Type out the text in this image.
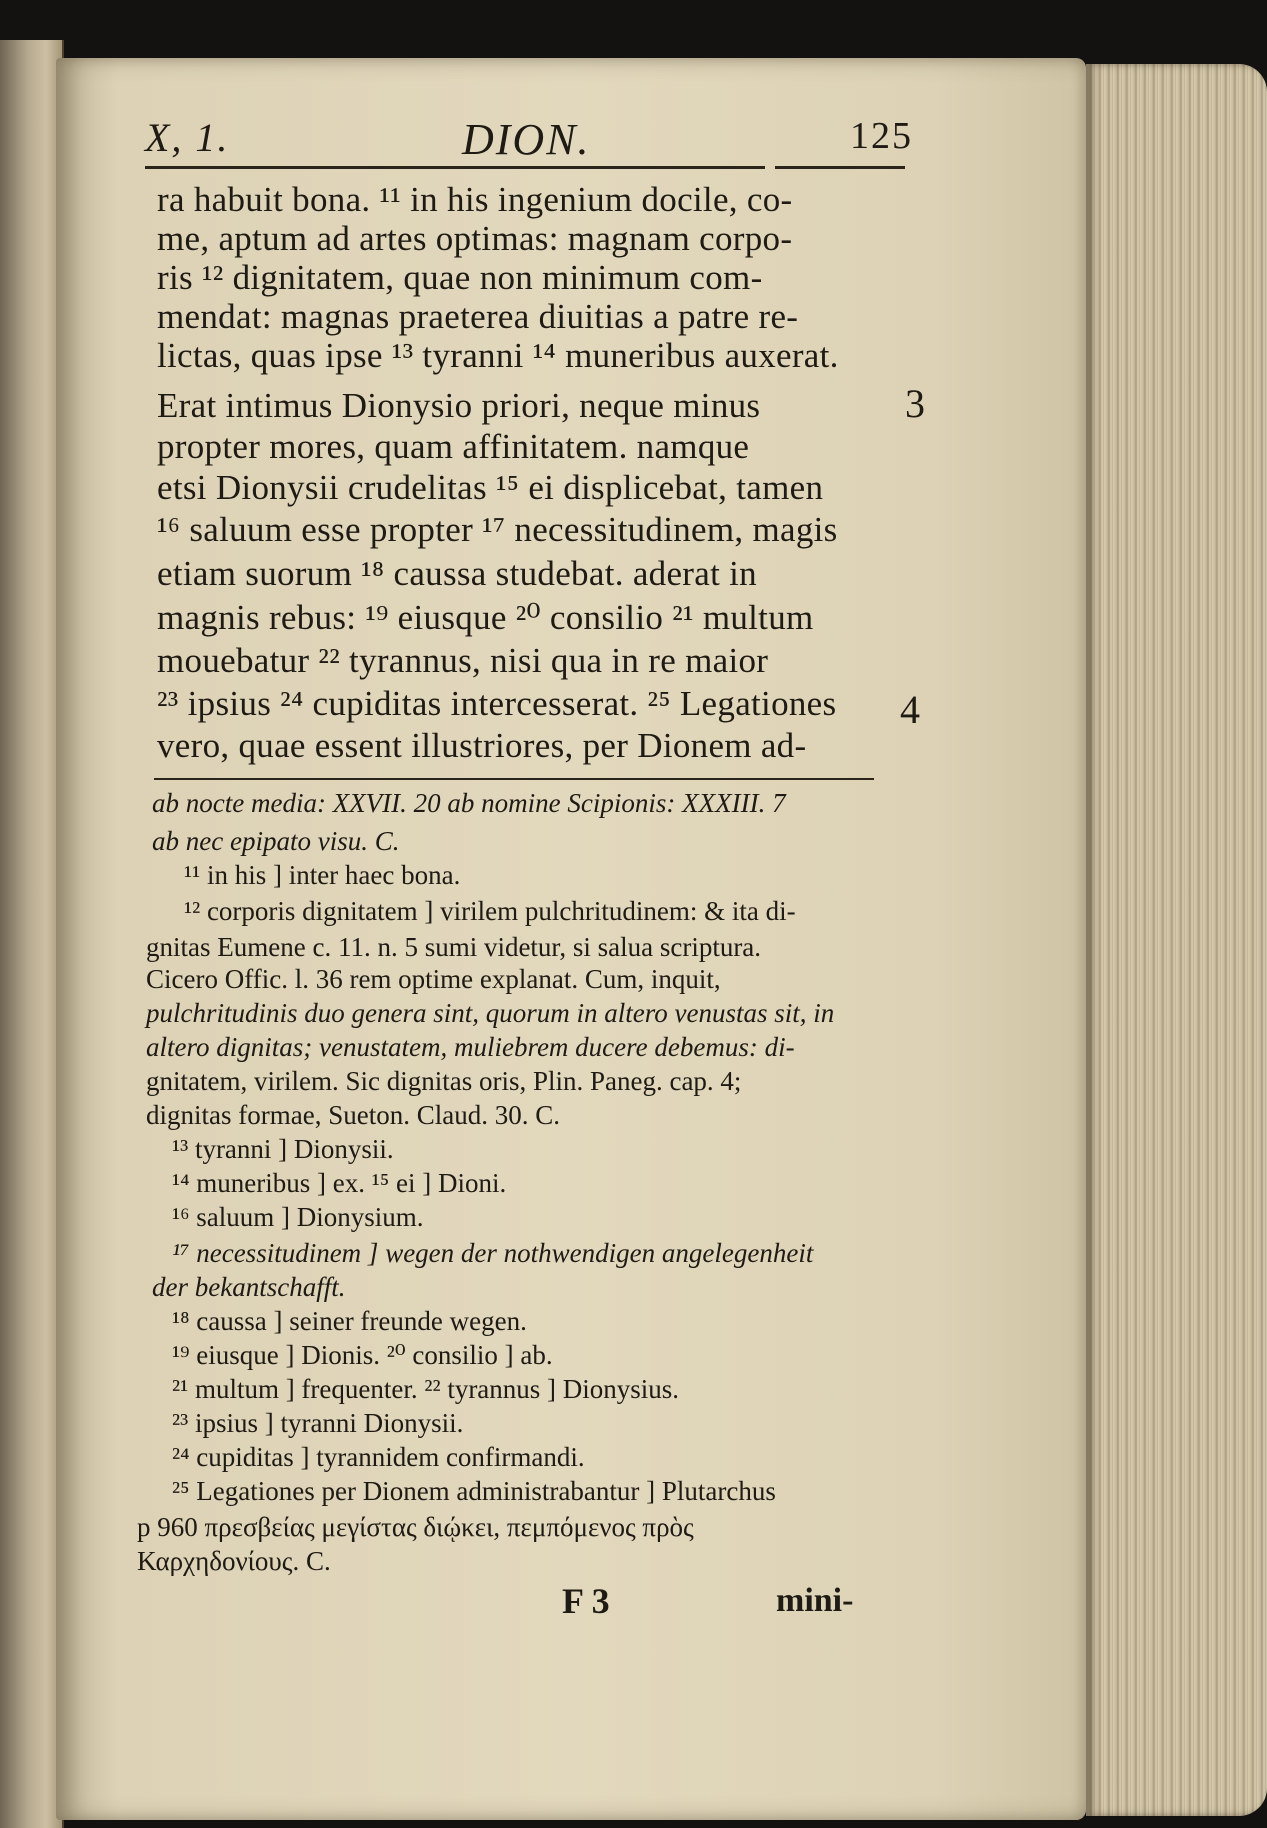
X, 1.	DION.	125
ra habuit bona. ¹¹ in his ingenium docile, co-
me, aptum ad artes optimas: magnam corpo-
ris ¹² dignitatem, quae non minimum com-
mendat: magnas praeterea diuitias a patre re-
lictas, quas ipse ¹³ tyranni ¹⁴ muneribus auxerat.
Erat intimus Dionysio priori, neque minus
propter mores, quam affinitatem. namque
etsi Dionysii crudelitas ¹⁵ ei displicebat, tamen
¹⁶ saluum esse propter ¹⁷ necessitudinem, magis
etiam suorum ¹⁸ caussa studebat. aderat in
magnis rebus: ¹⁹ eiusque ²⁰ consilio ²¹ multum
mouebatur ²² tyrannus, nisi qua in re maior
²³ ipsius ²⁴ cupiditas intercesserat. ²⁵ Legationes
vero, quae essent illustriores, per Dionem ad-
3
4
ab nocte media: XXVII. 20 ab nomine Scipionis: XXXIII. 7
ab nec epipato visu. C.
¹¹ in his ] inter haec bona.
¹² corporis dignitatem ] virilem pulchritudinem: & ita di-
gnitas Eumene c. 11. n. 5 sumi videtur, si salua scriptura.
Cicero Offic. l. 36 rem optime explanat. Cum, inquit,
pulchritudinis duo genera sint, quorum in altero venustas sit, in
altero dignitas; venustatem, muliebrem ducere debemus: di-
gnitatem, virilem. Sic dignitas oris, Plin. Paneg. cap. 4;
dignitas formae, Sueton. Claud. 30. C.
¹³ tyranni ] Dionysii.
¹⁴ muneribus ] ex. ¹⁵ ei ] Dioni.
¹⁶ saluum ] Dionysium.
¹⁷ necessitudinem ] wegen der nothwendigen angelegenheit
der bekantschafft.
¹⁸ caussa ] seiner freunde wegen.
¹⁹ eiusque ] Dionis. ²⁰ consilio ] ab.
²¹ multum ] frequenter. ²² tyrannus ] Dionysius.
²³ ipsius ] tyranni Dionysii.
²⁴ cupiditas ] tyrannidem confirmandi.
²⁵ Legationes per Dionem administrabantur ] Plutarchus
p 960 πρεσβείας μεγίστας διῴκει, πεμπόμενος πρὸς
Καρχηδονίους. C.
F 3	mini-
